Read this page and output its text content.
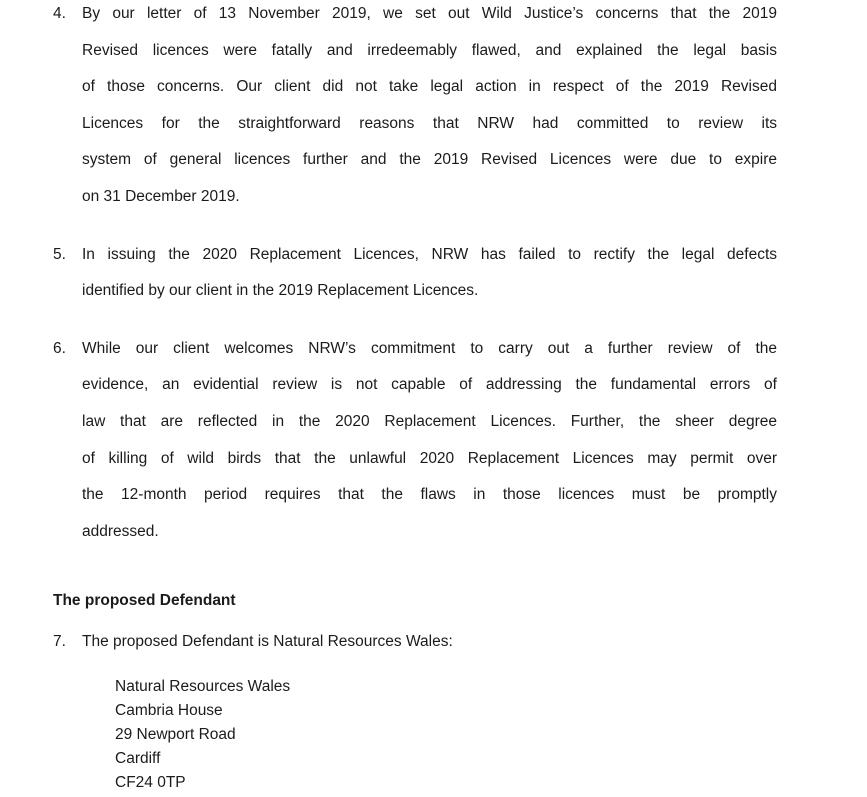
4.	By our letter of 13 November 2019, we set out Wild Justice’s concerns that the 2019
Revised licences were fatally and irredeemably flawed, and explained the legal basis
of those concerns. Our client did not take legal action in respect of the 2019 Revised
Licences for the straightforward reasons that NRW had committed to review its
system of general licences further and the 2019 Revised Licences were due to expire
on 31 December 2019.
5.	In issuing the 2020 Replacement Licences, NRW has failed to rectify the legal defects
identified by our client in the 2019 Replacement Licences.
6.	While our client welcomes NRW’s commitment to carry out a further review of the
evidence, an evidential review is not capable of addressing the fundamental errors of
law that are reflected in the 2020 Replacement Licences. Further, the sheer degree
of killing of wild birds that the unlawful 2020 Replacement Licences may permit over
the 12-month period requires that the flaws in those licences must be promptly
addressed.
The proposed Defendant
7.	The proposed Defendant is Natural Resources Wales:
Natural Resources Wales
Cambria House
29 Newport Road
Cardiff
CF24 0TP
